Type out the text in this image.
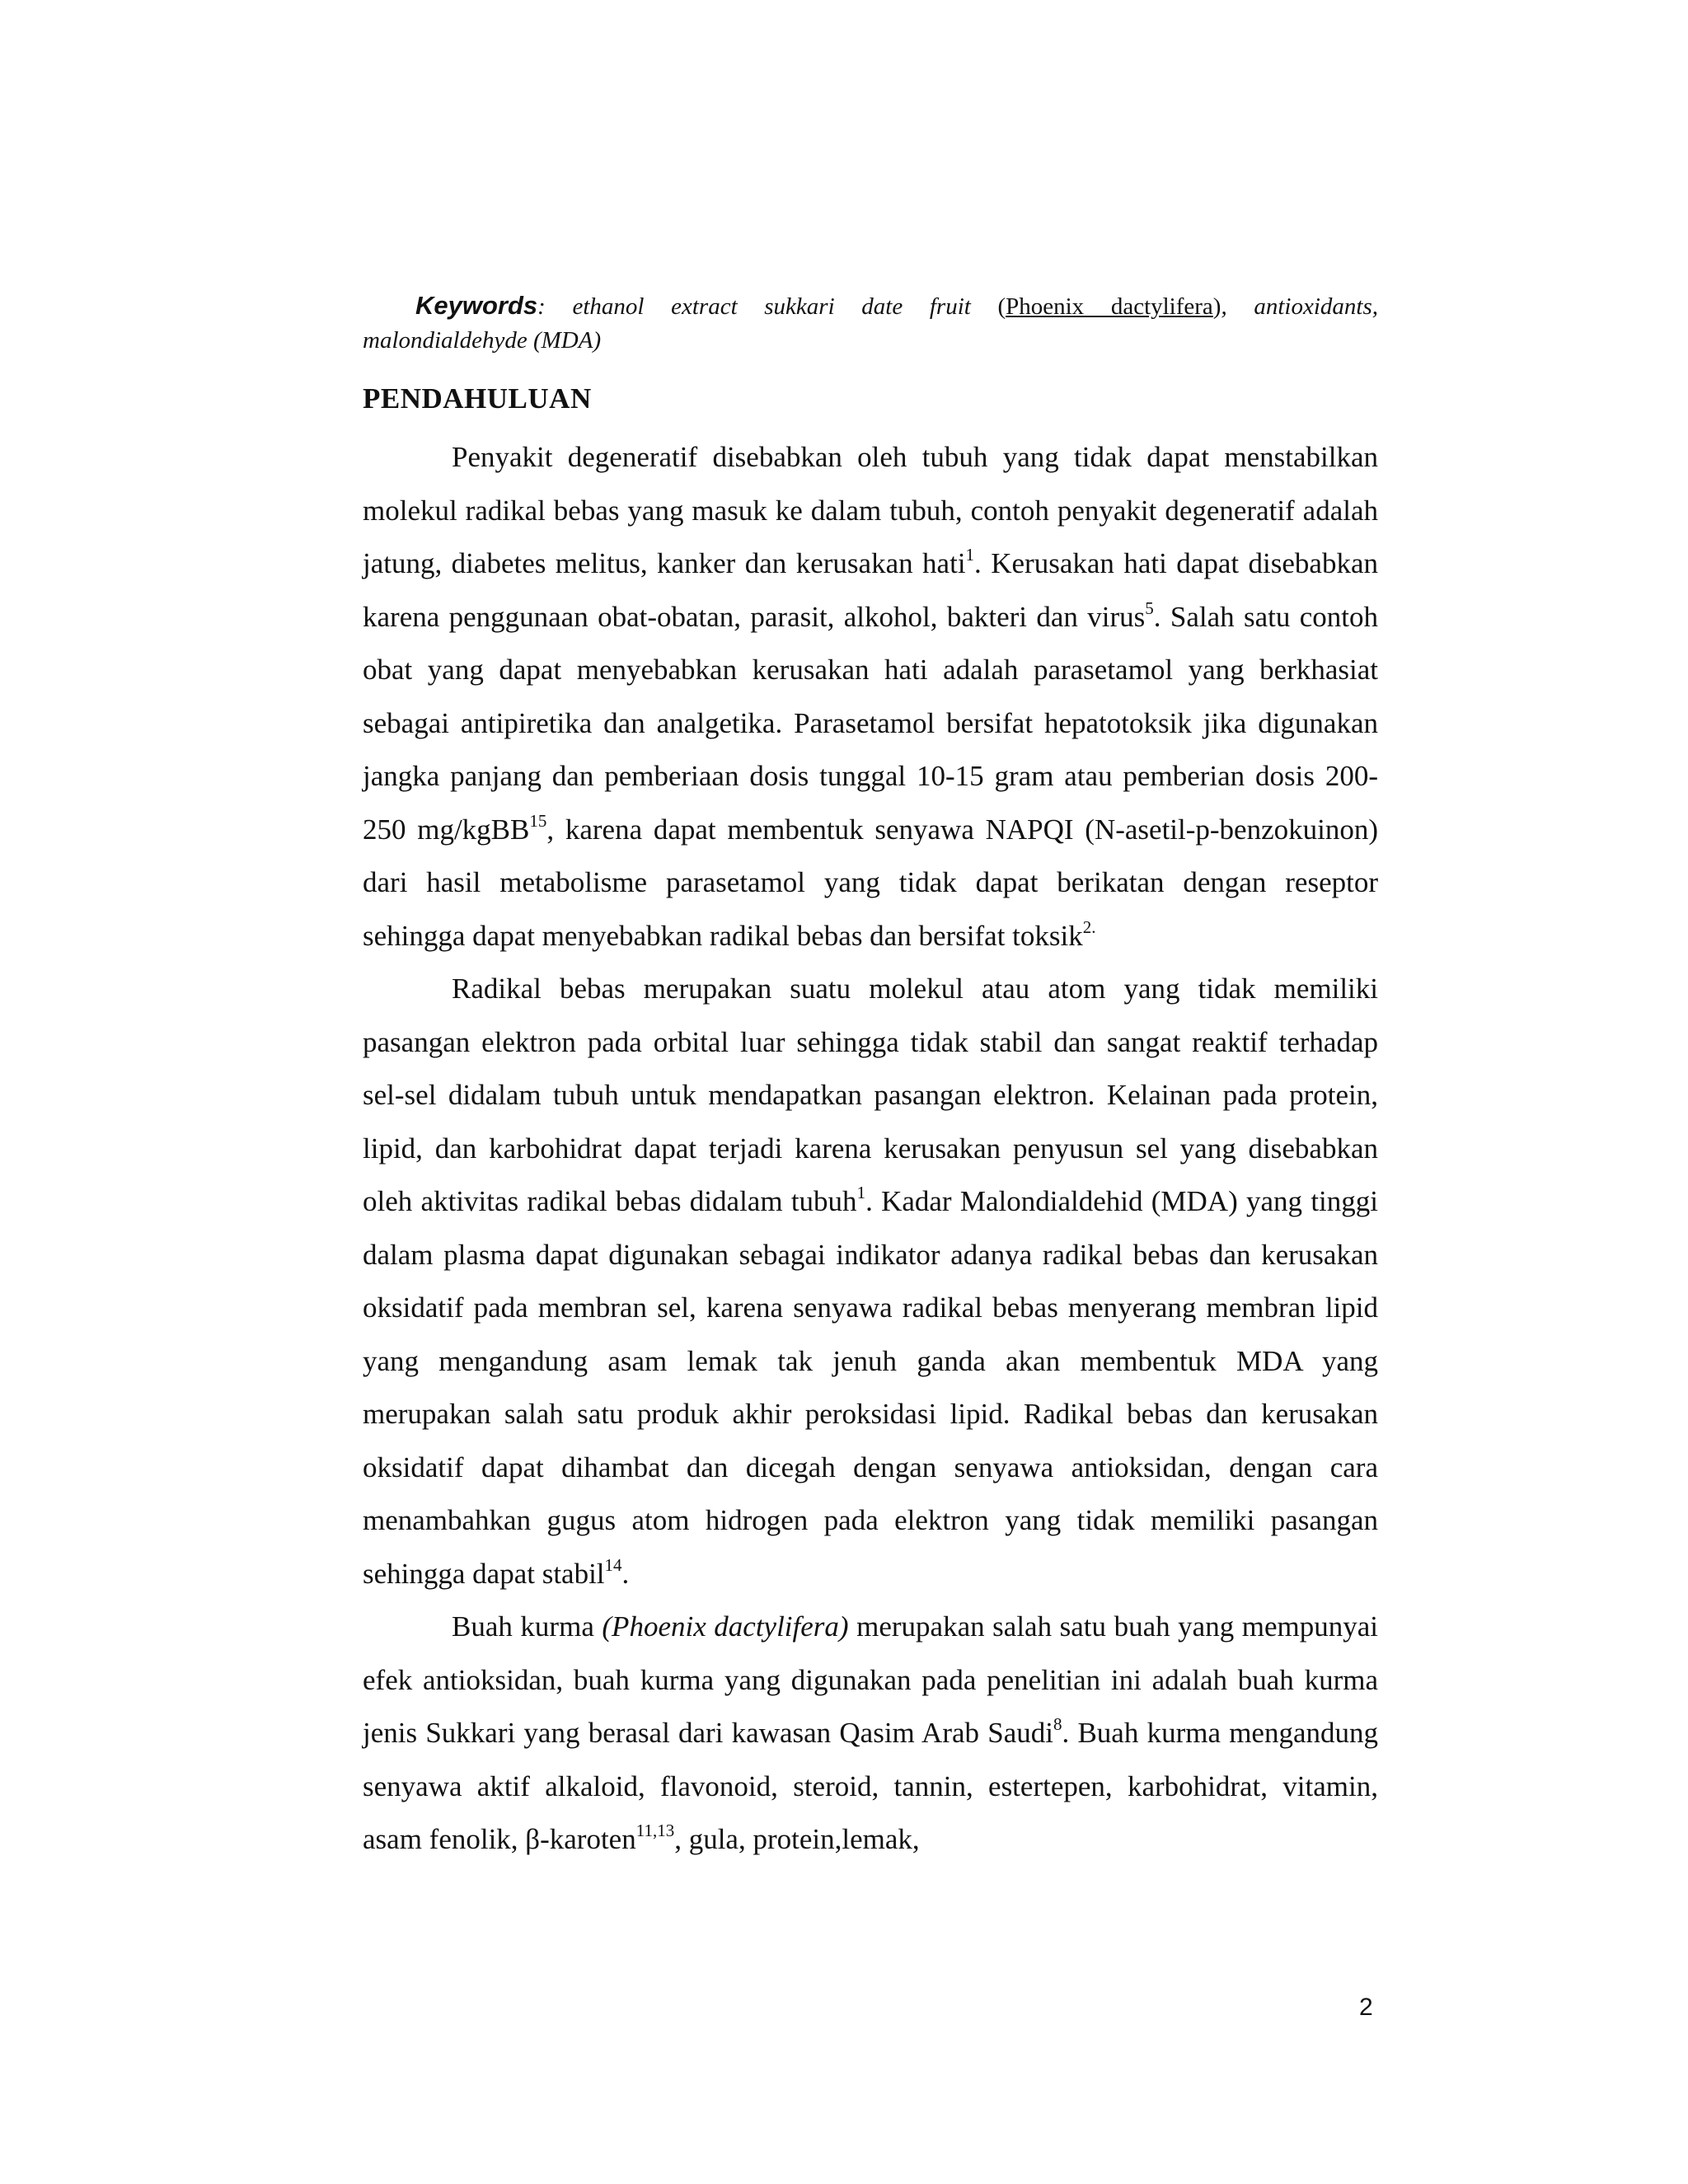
Keywords: ethanol extract sukkari date fruit (Phoenix dactylifera), antioxidants, malondialdehyde (MDA)
PENDAHULUAN

Penyakit degeneratif disebabkan oleh tubuh yang tidak dapat menstabilkan molekul radikal bebas yang masuk ke dalam tubuh, contoh penyakit degeneratif adalah jatung, diabetes melitus, kanker dan kerusakan hati$^1$. Kerusakan hati dapat disebabkan karena penggunaan obat-obatan, parasit, alkohol, bakteri dan virus$^5$. Salah satu contoh obat yang dapat menyebabkan kerusakan hati adalah parasetamol yang berkhasiat sebagai antipiretika dan analgetika. Parasetamol bersifat hepatotoksik jika digunakan jangka panjang dan pemberiaan dosis tunggal 10-15 gram atau pemberian dosis 200-250 mg/kgBB$^{15}$, karena dapat membentuk senyawa NAPQI (N-asetil-p-benzokuinon) dari hasil metabolisme parasetamol yang tidak dapat berikatan dengan reseptor sehingga dapat menyebabkan radikal bebas dan bersifat toksik$^{2.}$

Radikal bebas merupakan suatu molekul atau atom yang tidak memiliki pasangan elektron pada orbital luar sehingga tidak stabil dan sangat reaktif terhadap sel-sel didalam tubuh untuk mendapatkan pasangan elektron. Kelainan pada protein, lipid, dan karbohidrat dapat terjadi karena kerusakan penyusun sel yang disebabkan oleh aktivitas radikal bebas didalam tubuh$^1$. Kadar Malondialdehid (MDA) yang tinggi dalam plasma dapat digunakan sebagai indikator adanya radikal bebas dan kerusakan oksidatif pada membran sel, karena senyawa radikal bebas menyerang membran lipid yang mengandung asam lemak tak jenuh ganda akan membentuk MDA yang merupakan salah satu produk akhir peroksidasi lipid. Radikal bebas dan kerusakan oksidatif dapat dihambat dan dicegah dengan senyawa antioksidan, dengan cara menambahkan gugus atom hidrogen pada elektron yang tidak memiliki pasangan sehingga dapat stabil$^{14}$.

Buah kurma (Phoenix dactylifera) merupakan salah satu buah yang mempunyai efek antioksidan, buah kurma yang digunakan pada penelitian ini adalah buah kurma jenis Sukkari yang berasal dari kawasan Qasim Arab Saudi$^8$. Buah kurma mengandung senyawa aktif alkaloid, flavonoid, steroid, tannin, estertepen, karbohidrat, vitamin, asam fenolik, β-karoten$^{11,13}$, gula, protein,lemak,

2
